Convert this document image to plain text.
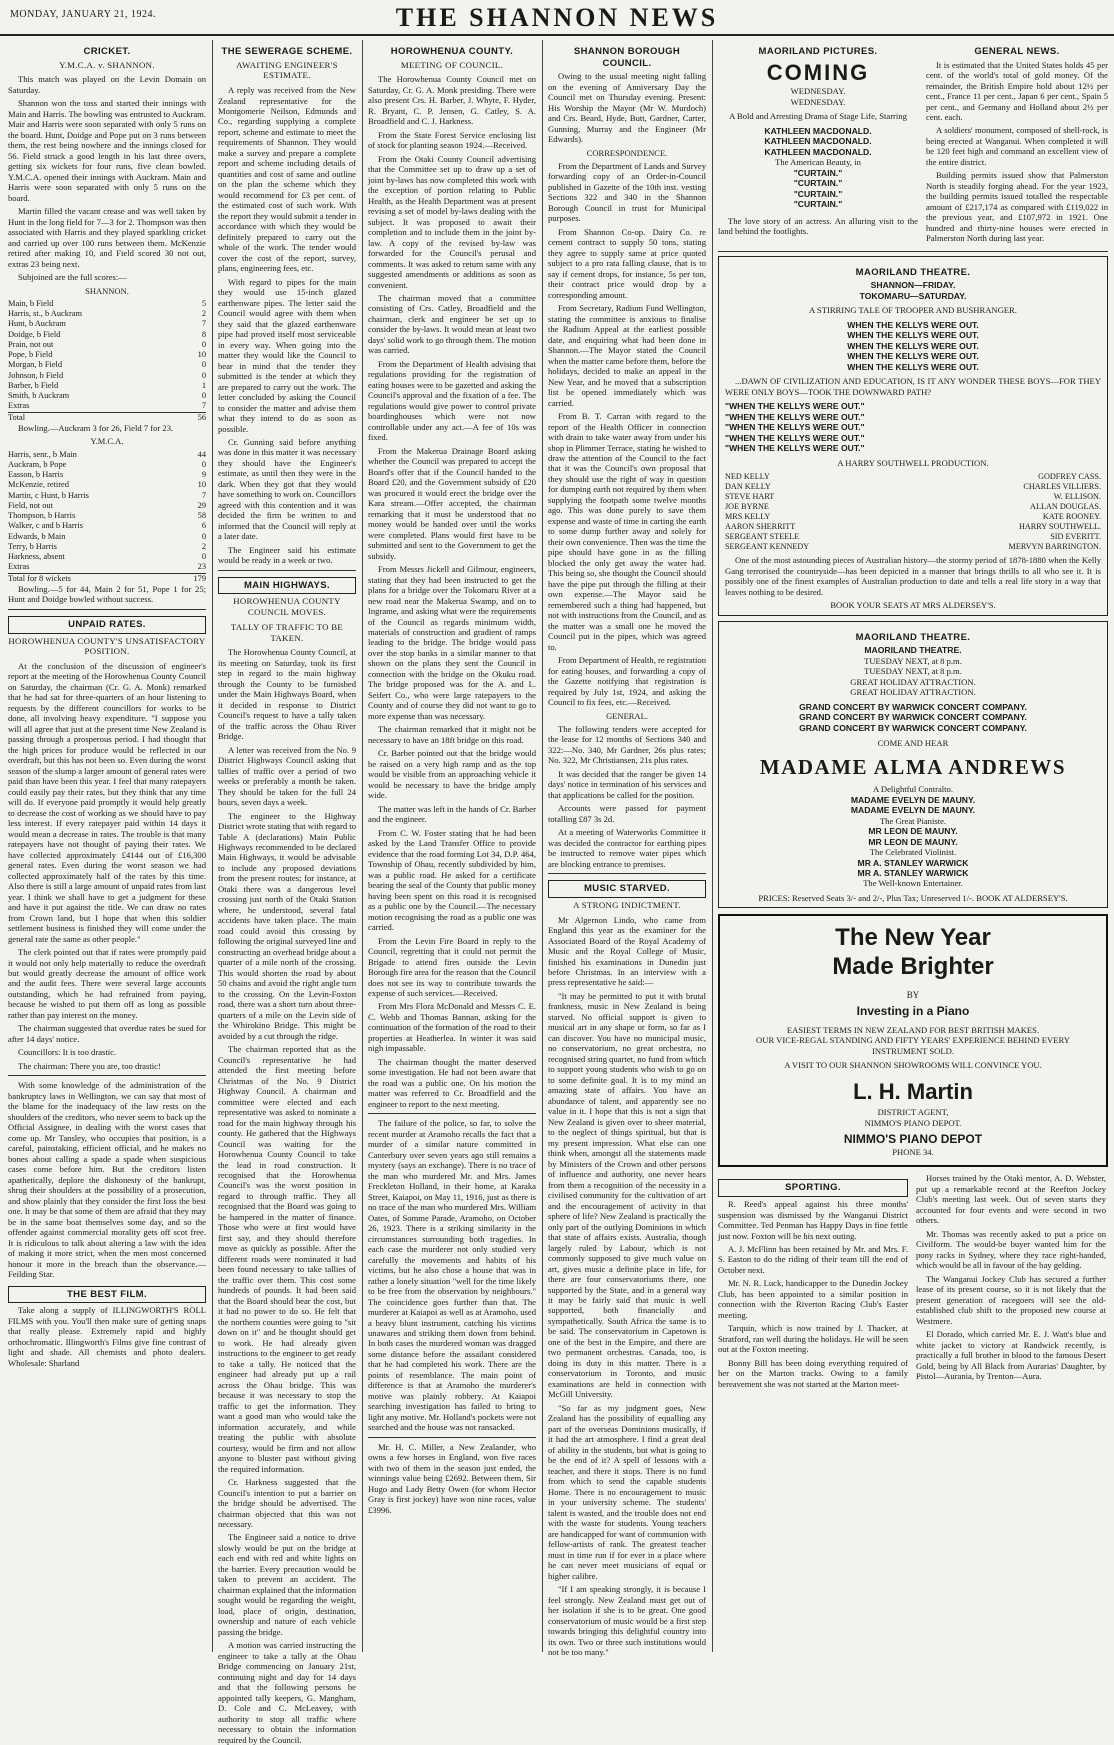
MONDAY, JANUARY 21, 1924.	THE SHANNON NEWS
CRICKET.
Y.M.C.A. v. SHANNON.

This match was played on the Levin Domain on Saturday.

Shannon won the toss and started their innings with Main and Harris. The bowling was entrusted to Auckram. Mair and Harris were soon separated with only 5 runs on the board. Hunt, Doidge and Pope put on 3 runs between them, the rest being nowhere and the innings closed for 56. Field struck a good length in his last three overs, getting six wickets for four runs, five clean bowled. Y.M.C.A. opened their innings with Auckram. Main and Harris were soon separated with only 5 runs on the board.

Martin filled the vacant crease and was well taken by Hunt in the long field for 7—3 for 2. Thompson was then associated with Harris and they played sparkling cricket and carried up over 100 runs between them. McKenzie retired after making 10, and Field scored 30 not out, extras 23 being next.

Subjoined are the full scores:—

SHANNON.
Main, b Field	5
Harris, st., b Auckram	2
Hunt, b Auckram	7
Doidge, b Field	8
Prain, not out	0
Pope, b Field	10
Morgan, b Field	0
Johnson, b Field	0
Barber, b Field	1
Smith, b Auckram	0
Extras	7
Total	56

Bowling.—Auckram 3 for 26, Field 7 for 23.

Y.M.C.A.
Harris, senr., b Main	44
Auckram, b Pope	0
Easson, b Harris	9
McKenzie, retired	10
Martin, c Hunt, b Harris	7
Field, not out	29
Thompson, b Harris	58
Walker, c and b Harris	6
Edwards, b Main	0
Terry, b Harris	2
Harkness, absent	0
Extras	23
Total for 8 wickets	179

Bowling.—5 for 44, Main 2 for 51, Pope 1 for 25; Hunt and Doidge bowled without success.

UNPAID RATES.
HOROWHENUA COUNTY'S UNSATISFACTORY POSITION.

At the conclusion of the discussion of engineer's report at the meeting of the Horowhenua County Council on Saturday, the chairman (Cr. G. A. Monk) remarked that he had sat for three-quarters of an hour listening to requests by the different councillors for works to be done, all involving heavy expenditure. "I suppose you will all agree that just at the present time New Zealand is passing through a prosperous period. I had thought that the high prices for produce would be reflected in our overdraft, but this has not been so. Even during the worst season of the slump a larger amount of general rates were paid than have been this year. I feel that many ratepayers could easily pay their rates, but they think that any time will do. If everyone paid promptly it would help greatly to decrease the cost of working as we should have to pay less interest. If every ratepayer paid within 14 days it would mean a decrease in rates. The trouble is that many ratepayers have not thought of paying their rates. We have collected approximately £4144 out of £16,300 general rates. Even during the worst season we had collected approximately half of the rates by this time. Also there is still a large amount of unpaid rates from last year. I think we shall have to get a judgment for these and have it put against the title. We can draw no rates from Crown land, but I hope that when this soldier settlement business is finished they will come under the general rate the same as other people."

The clerk pointed out that if rates were promptly paid it would not only help materially to reduce the overdraft but would greatly decrease the amount of office work and the audit fees. There were several large accounts outstanding, which he had refrained from paying, because he wished to put them off as long as possible rather than pay interest on the money.

The chairman suggested that overdue rates be sued for after 14 days' notice.

Councillors: It is too drastic.

The chairman: There you are, too drastic!

With some knowledge of the administration of the bankruptcy laws in Wellington, we can say that most of the blame for the inadequacy of the law rests on the shoulders of the creditors, who never seem to back up the Official Assignee, in dealing with the worst cases that come up. Mr Tansley, who occupies that position, is a careful, painstaking, efficient official, and he makes no bones about calling a spade a spade when suspicious cases come before him. But the creditors listen apathetically, deplore the dishonesty of the bankrupt, shrug their shoulders at the possibility of a prosecution, and show plainly that they consider the first loss the best one. It may be that some of them are afraid that they may be in the same boat themselves some day, and so the offender against commercial morality gets off scot free. It is ridiculous to talk about altering a law with the idea of making it more strict, when the men most concerned honour it more in the breach than the observance.—Feilding Star.

THE BEST FILM.

Take along a supply of ILLINGWORTH'S ROLL FILMS with you. You'll then make sure of getting snaps that really please. Extremely rapid and highly orthochromatic. Illingworth's Films give fine contrast of light and shade. All chemists and photo dealers. Wholesale: Sharland

THE SEWERAGE SCHEME.
AWAITING ENGINEER'S ESTIMATE.

A reply was received from the New Zealand representative for the Montgomerie Neilson, Edmunds and Co., regarding supplying a complete report, scheme and estimate to meet the requirements of Shannon. They would make a survey and prepare a complete report and scheme including details of quantities and cost of same and outline on the plan the scheme which they would recommend for £3 per cent. of the estimated cost of such work. With the report they would submit a tender in accordance with which they would be definitely prepared to carry out the whole of the work. The tender would cover the cost of the report, survey, plans, engineering fees, etc.

With regard to pipes for the main they would use 15-inch glazed earthenware pipes. The letter said the Council would agree with them when they said that the glazed earthenware pipe had proved itself most serviceable in every way. When going into the matter they would like the Council to bear in mind that the tender they submitted is the tender at which they are prepared to carry out the work. The letter concluded by asking the Council to consider the matter and advise them what they intend to do as soon as possible.

Cr. Gunning said before anything was done in this matter it was necessary they should have the Engineer's estimate, as until then they were in the dark. When they got that they would have something to work on. Councillors agreed with this contention and it was decided the firm be written to and informed that the Council will reply at a later date.

The Engineer said his estimate would be ready in a week or two.

MAIN HIGHWAYS.
HOROWHENUA COUNTY COUNCIL MOVES.
TALLY OF TRAFFIC TO BE TAKEN.

The Horowhenua County Council, at its meeting on Saturday, took its first step in regard to the main highway through the County to be furnished under the Main Highways Board, when it decided in response to District Council's request to have a tally taken of the traffic across the Ohau River Bridge.

A letter was received from the No. 9 District Highways Council asking that tallies of traffic over a period of two weeks or preferably a month be taken. They should be taken for the full 24 hours, seven days a week.

The engineer to the Highway District wrote stating that with regard to Table A (declarations) Main Public Highways recommended to be declared Main Highways, it would be advisable to include any proposed deviations from the present routes; for instance, at Otaki there was a dangerous level crossing just north of the Otaki Station where, he understood, several fatal accidents have taken place. The main road could avoid this crossing by following the original surveyed line and constructing an overhead bridge about a quarter of a mile north of the crossing. This would shorten the road by about 50 chains and avoid the right angle turn to the crossing. On the Levin-Foxton road, there was a short turn about three-quarters of a mile on the Levin side of the Whirokino Bridge. This might be avoided by a cut through the ridge.

The chairman reported that as the Council's representative he had attended the first meeting before Christmas of the No. 9 District Highway Council. A chairman and committee were elected and each representative was asked to nominate a road for the main highway through his county. He gathered that the Highways Council was waiting for the Horowhenua County Council to take the lead in road construction. It recognised that the Horowhenua Council's was the worst position in regard to through traffic. They all recognised that the Board was going to be hampered in the matter of finance. Those who were at first would have first say, and they should therefore move as quickly as possible. After the different roads were nominated it had been found necessary to take tallies of the traffic over them. This cost some hundreds of pounds. It had been said that the Board should bear the cost, but it had no power to do so. He felt that the northern counties were going to "sit down on it" and he thought should get to work. He had already given instructions to the engineer to get ready to take a tally. He noticed that the engineer had already put up a rail across the Ohau bridge. This was because it was necessary to stop the traffic to get the information. They want a good man who would take the information accurately, and while treating the public with absolute courtesy, would be firm and not allow anyone to bluster past without giving the required information.

Cr. Harkness suggested that the Council's intention to put a barrier on the bridge should be advertised. The chairman objected that this was not necessary.

The Engineer said a notice to drive slowly would be put on the bridge at each end with red and white lights on the barrier. Every precaution would be taken to prevent an accident. The chairman explained that the information sought would be regarding the weight, load, place of origin, destination, ownership and nature of each vehicle passing the bridge.

A motion was carried instructing the engineer to take a tally at the Ohau Bridge commencing on January 21st, continuing night and day for 14 days and that the following persons be appointed tally keepers, G. Mangham, D. Cole and C. McLeavey, with authority to stop all traffic where necessary to obtain the information required by the Council.

HOROWHENUA COUNTY.
MEETING OF COUNCIL.

The Horowhenua County Council met on Saturday, Cr. G. A. Monk presiding. There were also present Crs. H. Barber, J. Whyte, F. Hyder, R. Bryant, C. P. Jensen, G. Catley, S. A. Broadfield and C. J. Harkness.

From the State Forest Service enclosing list of stock for planting season 1924.—Received.

From the Otaki County Council advertising that the Committee set up to draw up a set of joint by-laws has now completed this work with the exception of portion relating to Public Health, as the Health Department was at present revising a set of model by-laws dealing with the subject. It was proposed to await their completion and to include them in the joint by-law. A copy of the revised by-law was forwarded for the Council's perusal and comments. It was asked to return same with any suggested amendments or additions as soon as convenient.

The chairman moved that a committee consisting of Crs. Catley, Broadfield and the chairman, clerk and engineer be set up to consider the by-laws. It would mean at least two days' solid work to go through them. The motion was carried.

From the Department of Health advising that regulations providing for the registration of eating houses were to be gazetted and asking the Council's approval and the fixation of a fee. The regulations would give power to control private boardinghouses which were not now controllable under any act.—A fee of 10s was fixed.

From the Makerua Drainage Board asking whether the Council was prepared to accept the Board's offer that if the Council handed to the Board £20, and the Government subsidy of £20 was procured it would erect the bridge over the Kara stream.—Offer accepted, the chairman remarking that it must be understood that no money would be handed over until the works were completed. Plans would first have to be submitted and sent to the Government to get the subsidy.

From Messrs Jickell and Gilmour, engineers, stating that they had been instructed to get the plans for a bridge over the Tokomaru River at a new road near the Makerua Swamp, and on to Ingrame, and asking what were the requirements of the Council as regards minimum width, materials of construction and gradient of ramps leading to the bridge. The bridge would pass over the stop banks in a similar manner to that shown on the plans they sent the Council in connection with the bridge on the Okuku road. The bridge proposed was for the A. and L. Seifert Co., who were large ratepayers to the County and of course they did not want to go to more expense than was necessary.

The chairman remarked that it might not be necessary to have an 18ft bridge on this road.

Cr. Barber pointed out that the bridge would be raised on a very high ramp and as the top would be visible from an approaching vehicle it would be necessary to have the bridge amply wide.

The matter was left in the hands of Cr. Barber and the engineer.

From C. W. Foster stating that he had been asked by the Land Transfer Office to provide evidence that the road forming Lot 34, D.P. 464, Township of Ohau, recently subdivided by him, was a public road. He asked for a certificate bearing the seal of the County that public money having been spent on this road it is recognised as a public one by the Council.—The necessary motion recognising the road as a public one was carried.

From the Levin Fire Board in reply to the Council, regretting that it could not permit the Brigade to attend fires outside the Levin Borough fire area for the reason that the Council does not see its way to contribute towards the expense of such services.—Received.

From Mrs Flora McDonald and Messrs C. E. C. Webb and Thomas Bannan, asking for the continuation of the formation of the road to their properties at Heatherlea. In winter it was said nigh impassable.

The chairman thought the matter deserved some investigation. He had not been aware that the road was a public one. On his motion the matter was referred to Cr. Broadfield and the engineer to report to the next meeting.

The failure of the police, so far, to solve the recent murder at Aramoho recalls the fact that a murder of a similar nature committed in Canterbury over seven years ago still remains a mystery (says an exchange). There is no trace of the man who murdered Mr. and Mrs. James Freckleton Holland, in their home, at Karaka Street, Kaiapoi, on May 11, 1916, just as there is no trace of the man who murdered Mrs. William Oates, of Somme Parade, Aramoho, on October 26, 1923. There is a striking similarity in the circumstances surrounding both tragedies. In each case the murderer not only studied very carefully the movements and habits of his victims, but he also chose a house that was in rather a lonely situation "well for the time likely to be free from the observation by neighbours." The coincidence goes further than that. The murderer at Kaiapoi as well as at Aramoho, used a heavy blunt instrument, catching his victims unawares and striking them down from behind. In both cases the murdered woman was dragged some distance before the assailant considered that he had completed his work. There are the points of resemblance. The main point of difference is that at Aramoho the murderer's motive was plainly robbery. At Kaiapoi searching investigation has failed to bring to light any motive. Mr. Holland's pockets were not searched and the house was not ransacked.

Mr. H. C. Miller, a New Zealander, who owns a few horses in England, won five races with two of them in the season just ended, the winnings value being £2692. Between them, Sir Hugo and Lady Betty Owen (for whom Hector Gray is first jockey) have won nine races, value £3996.

SHANNON BOROUGH COUNCIL.

Owing to the usual meeting night falling on the evening of Anniversary Day the Council met on Thursday evening. Present: His Worship the Mayor (Mr W. Murdoch) and Crs. Beard, Hyde, Butt, Gardner, Carter, Gunning, Murray and the Engineer (Mr Edwards).

CORRESPONDENCE.

From the Department of Lands and Survey forwarding copy of an Order-in-Council published in Gazette of the 10th inst. vesting Sections 322 and 340 in the Shannon Borough Council in trust for Municipal purposes.

From Shannon Co-op. Dairy Co. re cement contract to supply 50 tons, stating they agree to supply same at price quoted subject to a pro rata falling clause, that is to say if cement drops, for instance, 5s per ton, their contract price would drop by a corresponding amount.

From Secretary, Radium Fund Wellington, stating the committee is anxious to finalise the Radium Appeal at the earliest possible date, and enquiring what had been done in Shannon.—The Mayor stated the Council when the matter came before them, before the holidays, decided to make an appeal in the New Year, and he moved that a subscription list be opened immediately which was carried.

From B. T. Carran with regard to the report of the Health Officer in connection with drain to take water away from under his shop in Plimmer Terrace, stating he wished to draw the attention of the Council to the fact that it was the Council's own proposal that they should use the right of way in question for dumping earth not required by them when supplying the footpath some twelve months ago. This was done purely to save them expense and waste of time in carting the earth to some dump further away and solely for their own convenience. Then was the time the pipe should have gone in as the filling blocked the only get away the water had. This being so, she thought the Council should have the pipe put through the filling at their own expense.—The Mayor said he remembered such a thing had happened, but not with instructions from the Council, and as the matter was a small one he moved the Council put in the pipes, which was agreed to.

From Department of Health, re registration for eating houses, and forwarding a copy of the Gazette notifying that registration is required by July 1st, 1924, and asking the Council to fix fees, etc.—Received.

GENERAL.

The following tenders were accepted for the lease for 12 months of Sections 340 and 322:—No. 340, Mr Gardner, 26s plus rates; No. 322, Mr Christiansen, 21s plus rates.

It was decided that the ranger be given 14 days' notice in termination of his services and that applications be called for the position.

Accounts were passed for payment totalling £87 3s 2d.

At a meeting of Waterworks Committee it was decided the contractor for earthing pipes be instructed to remove water pipes which are blocking entrance to premises.

MUSIC STARVED.
A STRONG INDICTMENT.

Mr Algernon Lindo, who came from England this year as the examiner for the Associated Board of the Royal Academy of Music and the Royal College of Music, finished his examinations in Dunedin just before Christmas. In an interview with a press representative he said:—

"It may be permitted to put it with brutal frankness, music in New Zealand is being starved. No official support is given to musical art in any shape or form, so far as I can discover. You have no municipal music, no conservatorium, no great orchestra, no recognised string quartet, no fund from which to support young students who wish to go on to some definite goal. It is to my mind an amazing state of affairs. You have an abundance of talent, and apparently see no value in it. I hope that this is not a sign that New Zealand is given over to sheer material, to the neglect of things spiritual, but that is my present impression. What else can one think when, amongst all the statements made by Ministers of the Crown and other persons of influence and authority, one never hears from them a recognition of the necessity in a civilised community for the cultivation of art and the encouragement of activity in that sphere of life? New Zealand is practically the only part of the outlying Dominions in which that state of affairs exists. Australia, though largely ruled by Labour, which is not commonly supposed to give much value on art, gives music a definite place in life, for there are four conservatoriums there, one supported by the State, and in a general way it may be fairly said that music is well supported, both financially and sympathetically. South Africa the same is to be said. The conservatorium in Capetown is one of the best in the Empire, and there are two permanent orchestras. Canada, too, is doing its duty in this matter. There is a conservatorium in Toronto, and music examinations are held in connection with McGill University.

"So far as my judgment goes, New Zealand has the possibility of equalling any part of the overseas Dominions musically, if it had the art atmosphere. I find a great deal of ability in the students, but what is going to be the end of it? A spell of lessons with a teacher, and there it stops. There is no fund from which to send the capable students Home. There is no encouragement to music in your university scheme. The students' talent is wasted, and the trouble does not end with the waste for students. Young teachers are handicapped for want of communion with fellow-artists of rank. The greatest teacher must in time run if for ever in a place where he can never meet musicians of equal or higher calibre.

"If I am speaking strongly, it is because I feel strongly. New Zealand must get out of her isolation if she is to be great. One good conservatorium of music would be a first step towards bringing this delightful country into its own. Two or three such institutions would not be too many."

MAORILAND PICTURES.
COMING
WEDNESDAY.
WEDNESDAY.
A Bold and Arresting Drama of Stage Life, Starring
KATHLEEN MACDONALD.
KATHLEEN MACDONALD.
KATHLEEN MACDONALD.
The American Beauty, in
"CURTAIN."
"CURTAIN."
"CURTAIN."
"CURTAIN."

The love story of an actress. An alluring visit to the land behind the footlights.

GENERAL NEWS.

It is estimated that the United States holds 45 per cent. of the world's total of gold money. Of the remainder, the British Empire hold about 12½ per cent., France 11 per cent., Japan 6 per cent., Spain 5 per cent., and Germany and Holland about 2½ per cent. each.

A soldiers' monument, composed of shell-rock, is being erected at Wanganui. When completed it will be 120 feet high and command an excellent view of the entire district.

Building permits issued show that Palmerston North is steadily forging ahead. For the year 1923, the building permits issued totalled the respectable amount of £217,174 as compared with £119,022 in the previous year, and £107,972 in 1921. One hundred and thirty-nine houses were erected in Palmerston North during last year.

MAORILAND THEATRE.
SHANNON—FRIDAY.
TOKOMARU—SATURDAY.
A STIRRING TALE OF TROOPER AND BUSHRANGER.
WHEN THE KELLYS WERE OUT.
WHEN THE KELLYS WERE OUT.
WHEN THE KELLYS WERE OUT.
WHEN THE KELLYS WERE OUT.
WHEN THE KELLYS WERE OUT.

...DAWN OF CIVILIZATION AND EDUCATION, IS IT ANY WONDER THESE BOYS—FOR THEY WERE ONLY BOYS—TOOK THE DOWNWARD PATH?

"WHEN THE KELLYS WERE OUT."
"WHEN THE KELLYS WERE OUT."
"WHEN THE KELLYS WERE OUT."
"WHEN THE KELLYS WERE OUT."
"WHEN THE KELLYS WERE OUT."
A HARRY SOUTHWELL PRODUCTION.
NED KELLY	GODFREY CASS.
DAN KELLY	CHARLES VILLIERS.
STEVE HART	W. ELLISON.
JOE BYRNE	ALLAN DOUGLAS.
MRS KELLY	KATE ROONEY.
AARON SHERRITT	HARRY SOUTHWELL.
SERGEANT STEELE	SID EVERITT.
SERGEANT KENNEDY	MERVYN BARRINGTON.

One of the most astounding pieces of Australian history—the stormy period of 1878-1880 when the Kelly Gang terrorised the countryside—has been depicted in a manner that brings thrills to all who see it. It is possibly one of the finest examples of Australian production to date and tells a real life story in a way that leaves nothing to be desired.

BOOK YOUR SEATS AT MRS ALDERSEY'S.
MAORILAND THEATRE.
MAORILAND THEATRE.
TUESDAY NEXT, at 8 p.m.
TUESDAY NEXT, at 8 p.m.
GREAT HOLIDAY ATTRACTION.
GREAT HOLIDAY ATTRACTION.
GRAND CONCERT BY WARWICK CONCERT COMPANY.
GRAND CONCERT BY WARWICK CONCERT COMPANY.
GRAND CONCERT BY WARWICK CONCERT COMPANY.
COME AND HEAR
MADAME ALMA ANDREWS
A Delightful Contralto.
MADAME EVELYN DE MAUNY.
MADAME EVELYN DE MAUNY.
The Great Pianiste.
MR LEON DE MAUNY.
MR LEON DE MAUNY.
The Celebrated Violinist.
MR A. STANLEY WARWICK
MR A. STANLEY WARWICK
The Well-known Entertainer.
PRICES: Reserved Seats 3/- and 2/-, Plus Tax; Unreserved 1/-. BOOK AT ALDERSEY'S.
The New Year
Made Brighter
BY
Investing in a Piano
EASIEST TERMS IN NEW ZEALAND FOR BEST BRITISH MAKES.
OUR VICE-REGAL STANDING AND FIFTY YEARS' EXPERIENCE BEHIND EVERY INSTRUMENT SOLD.
A VISIT TO OUR SHANNON SHOWROOMS WILL CONVINCE YOU.
L. H. Martin
DISTRICT AGENT,
NIMMO'S PIANO DEPOT.
NIMMO'S PIANO DEPOT
PHONE 34.
SPORTING.

R. Reed's appeal against his three months' suspension was dismissed by the Wanganui District Committee. Ted Penman has Happy Days in fine fettle just now. Foxton will be his next outing.

A. J. McFlinn has been retained by Mr. and Mrs. F. S. Easton to do the riding of their team till the end of October next.

Mr. N. R. Luck, handicapper to the Dunedin Jockey Club, has been appointed to a similar position in connection with the Riverton Racing Club's Easter meeting.

Tarquin, which is now trained by J. Thacker, at Stratford, ran well during the holidays. He will be seen out at the Foxton meeting.

Bonny Bill has been doing everything required of her on the Marton tracks. Owing to a family bereavement she was not started at the Marton meet-

Horses trained by the Otaki mentor, A. D. Webster, put up a remarkable record at the Reefton Jockey Club's meeting last week. Out of seven starts they accounted for four events and were second in two others.

Mr. Thomas was recently asked to put a price on Civilform. The would-be buyer wanted him for the pony racks in Sydney, where they race right-handed, which would be all in favour of the bay gelding.

The Wanganui Jockey Club has secured a further lease of its present course, so it is not likely that the present generation of racegoers will see the old-established club shift to the proposed new course at Westmere.

El Dorado, which carried Mr. E. J. Watt's blue and white jacket to victory at Randwick recently, is practically a full brother in blood to the famous Desert Gold, being by All Black from Aurarias' Daughter, by Pistol—Aurania, by Trenton—Aura.
